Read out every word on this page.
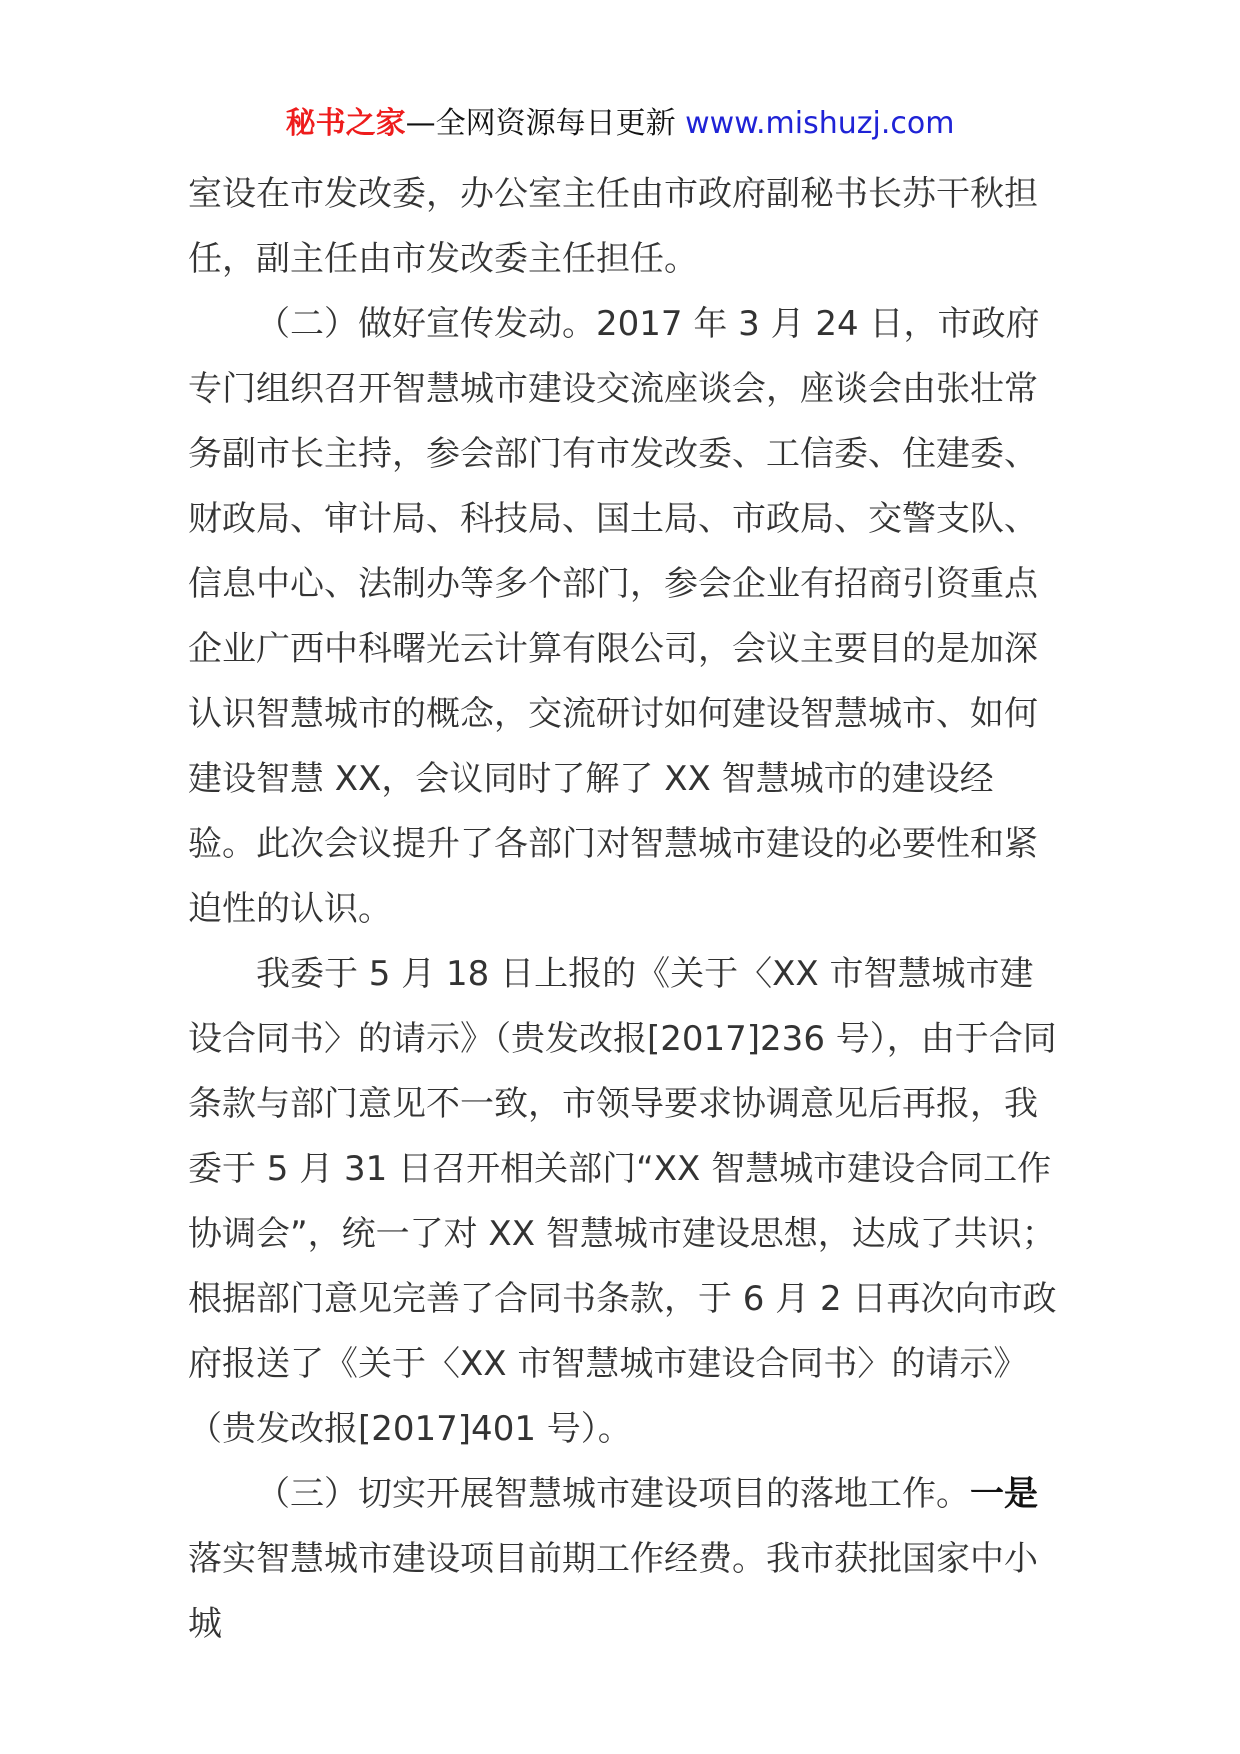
秘书之家—全网资源每日更新 www.mishuzj.com

室设在市发改委，办公室主任由市政府副秘书长苏干秋担任，副主任由市发改委主任担任。

（二）做好宣传发动。2017 年 3 月 24 日，市政府专门组织召开智慧城市建设交流座谈会，座谈会由张壮常务副市长主持，参会部门有市发改委、工信委、住建委、财政局、审计局、科技局、国土局、市政局、交警支队、信息中心、法制办等多个部门，参会企业有招商引资重点企业广西中科曙光云计算有限公司，会议主要目的是加深认识智慧城市的概念，交流研讨如何建设智慧城市、如何建设智慧 XX，会议同时了解了 XX 智慧城市的建设经验。此次会议提升了各部门对智慧城市建设的必要性和紧迫性的认识。

我委于 5 月 18 日上报的《关于〈XX 市智慧城市建设合同书〉的请示》（贵发改报[2017]236 号），由于合同条款与部门意见不一致，市领导要求协调意见后再报，我委于 5 月 31 日召开相关部门“XX 智慧城市建设合同工作协调会”，统一了对 XX 智慧城市建设思想，达成了共识；根据部门意见完善了合同书条款，于 6 月 2 日再次向市政府报送了《关于〈XX 市智慧城市建设合同书〉的请示》（贵发改报[2017]401 号）。

（三）切实开展智慧城市建设项目的落地工作。一是落实智慧城市建设项目前期工作经费。我市获批国家中小城
